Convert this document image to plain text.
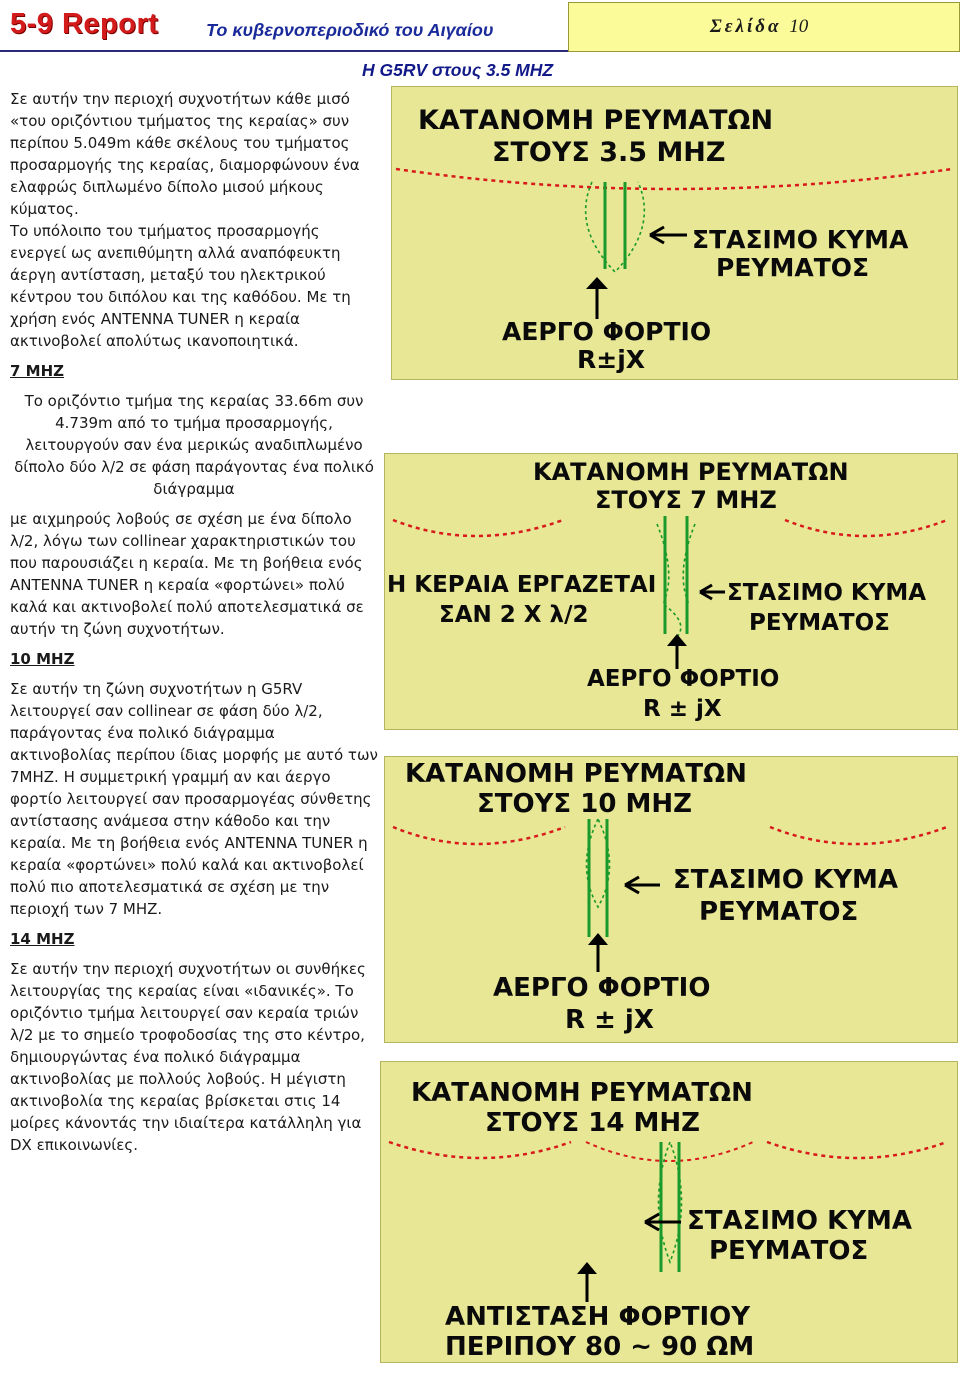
5-9 Report	Το κυβερνοπεριοδικό του Αιγαίου	Σελίδα 10
Η G5RV στους 3.5 ΜΗΖ

Σε αυτήν την περιοχή συχνοτήτων κάθε μισό «του οριζόντιου τμήματος της κεραίας» συν περίπου 5.049m κάθε σκέλους του τμήματος προσαρμογής της κεραίας, διαμορφώνουν ένα ελαφρώς διπλωμένο δίπολο μισού μήκους κύματος.

Το υπόλοιπο του τμήματος προσαρμογής ενεργεί ως ανεπιθύμητη αλλά αναπόφευκτη άεργη αντίσταση, μεταξύ του ηλεκτρικού κέντρου του διπόλου και της καθόδου. Με τη χρήση ενός ANTENNA TUNER η κεραία ακτινοβολεί απολύτως ικανοποιητικά.

7 MHZ

Το οριζόντιο τμήμα της κεραίας 33.66m συν 4.739m από το τμήμα προσαρμογής, λειτουργούν σαν ένα μερικώς αναδιπλωμένο δίπολο δύο λ/2 σε φάση παράγοντας ένα πολικό διάγραμμα

με αιχμηρούς λοβούς σε σχέση με ένα δίπολο λ/2, λόγω των collinear χαρακτηριστικών του που παρουσιάζει η κεραία. Με τη βοήθεια ενός ANTENNA TUNER η κεραία «φορτώνει» πολύ καλά και ακτινοβολεί πολύ αποτελεσματικά σε αυτήν τη ζώνη συχνοτήτων.

10 MHZ

Σε αυτήν τη ζώνη συχνοτήτων η G5RV λειτουργεί σαν collinear σε φάση δύο λ/2, παράγοντας ένα πολικό διάγραμμα ακτινοβολίας περίπου ίδιας μορφής με αυτό των 7MHZ. Η συμμετρική γραμμή αν και άεργο φορτίο λειτουργεί σαν προσαρμογέας σύνθετης αντίστασης ανάμεσα στην κάθοδο και την κεραία. Με τη βοήθεια ενός ANTENNA TUNER η κεραία «φορτώνει» πολύ καλά και ακτινοβολεί πολύ πιο αποτελεσματικά σε σχέση με την περιοχή των 7 MHZ.

14 MHZ

Σε αυτήν την περιοχή συχνοτήτων οι συνθήκες λειτουργίας της κεραίας είναι «ιδανικές». Το οριζόντιο τμήμα λειτουργεί σαν κεραία τριών λ/2 με το σημείο τροφοδοσίας της στο κέντρο, δημιουργώντας ένα πολικό διάγραμμα ακτινοβολίας με πολλούς λοβούς. Η μέγιστη ακτινοβολία της κεραίας βρίσκεται στις 14 μοίρες κάνοντάς την ιδιαίτερα κατάλληλη για DX επικοινωνίες.

ΚΑΤΑΝΟΜΗ ΡΕΥΜΑΤΩΝ
ΣΤΟΥΣ 3.5 MHZ
ΣΤΑΣΙΜΟ ΚΥΜΑ
ΡΕΥΜΑΤΟΣ
ΑΕΡΓΟ ΦΟΡΤΙΟ
R±jX
ΚΑΤΑΝΟΜΗ ΡΕΥΜΑΤΩΝ
ΣΤΟΥΣ 7 MHZ
Η ΚΕΡΑΙΑ ΕΡΓΑΖΕΤΑΙ
ΣΑΝ 2 Χ λ/2
ΣΤΑΣΙΜΟ ΚΥΜΑ
ΡΕΥΜΑΤΟΣ
ΑΕΡΓΟ ΦΟΡΤΙΟ
R ± jX
ΚΑΤΑΝΟΜΗ ΡΕΥΜΑΤΩΝ
ΣΤΟΥΣ 10 MHZ
ΣΤΑΣΙΜΟ ΚΥΜΑ
ΡΕΥΜΑΤΟΣ
ΑΕΡΓΟ ΦΟΡΤΙΟ
R ± jX
ΚΑΤΑΝΟΜΗ ΡΕΥΜΑΤΩΝ
ΣΤΟΥΣ 14 MHZ
ΣΤΑΣΙΜΟ ΚΥΜΑ
ΡΕΥΜΑΤΟΣ
ΑΝΤΙΣΤΑΣΗ ΦΟΡΤΙΟΥ
ΠΕΡΙΠΟΥ 80 ~ 90 ΩΜ
